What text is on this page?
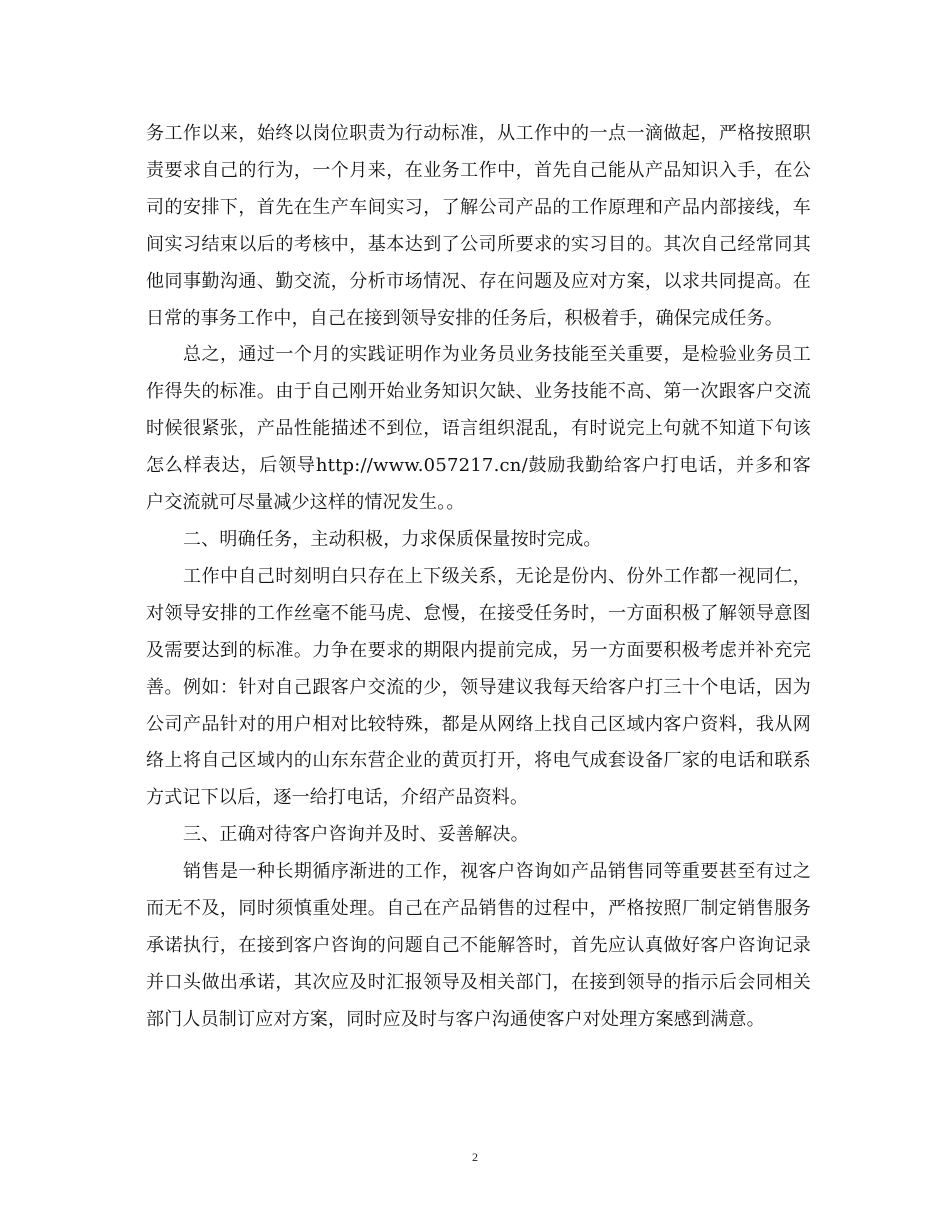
务工作以来，始终以岗位职责为行动标准，从工作中的一点一滴做起，严格按照职责要求自己的行为，一个月来，在业务工作中，首先自己能从产品知识入手，在公司的安排下，首先在生产车间实习，了解公司产品的工作原理和产品内部接线，车间实习结束以后的考核中，基本达到了公司所要求的实习目的。其次自己经常同其他同事勤沟通、勤交流，分析市场情况、存在问题及应对方案，以求共同提高。在日常的事务工作中，自己在接到领导安排的任务后，积极着手，确保完成任务。

总之，通过一个月的实践证明作为业务员业务技能至关重要，是检验业务员工作得失的标准。由于自己刚开始业务知识欠缺、业务技能不高、第一次跟客户交流时候很紧张，产品性能描述不到位，语言组织混乱，有时说完上句就不知道下句该怎么样表达，后领导http://www.057217.cn/鼓励我勤给客户打电话，并多和客户交流就可尽量减少这样的情况发生。。

二、明确任务，主动积极，力求保质保量按时完成。

工作中自己时刻明白只存在上下级关系，无论是份内、份外工作都一视同仁，对领导安排的工作丝毫不能马虎、怠慢，在接受任务时，一方面积极了解领导意图及需要达到的标准。力争在要求的期限内提前完成，另一方面要积极考虑并补充完善。例如：针对自己跟客户交流的少，领导建议我每天给客户打三十个电话，因为公司产品针对的用户相对比较特殊，都是从网络上找自己区域内客户资料，我从网络上将自己区域内的山东东营企业的黄页打开，将电气成套设备厂家的电话和联系方式记下以后，逐一给打电话，介绍产品资料。

三、正确对待客户咨询并及时、妥善解决。

销售是一种长期循序渐进的工作，视客户咨询如产品销售同等重要甚至有过之而无不及，同时须慎重处理。自己在产品销售的过程中，严格按照厂制定销售服务承诺执行，在接到客户咨询的问题自己不能解答时，首先应认真做好客户咨询记录并口头做出承诺，其次应及时汇报领导及相关部门，在接到领导的指示后会同相关部门人员制订应对方案，同时应及时与客户沟通使客户对处理方案感到满意。

2
